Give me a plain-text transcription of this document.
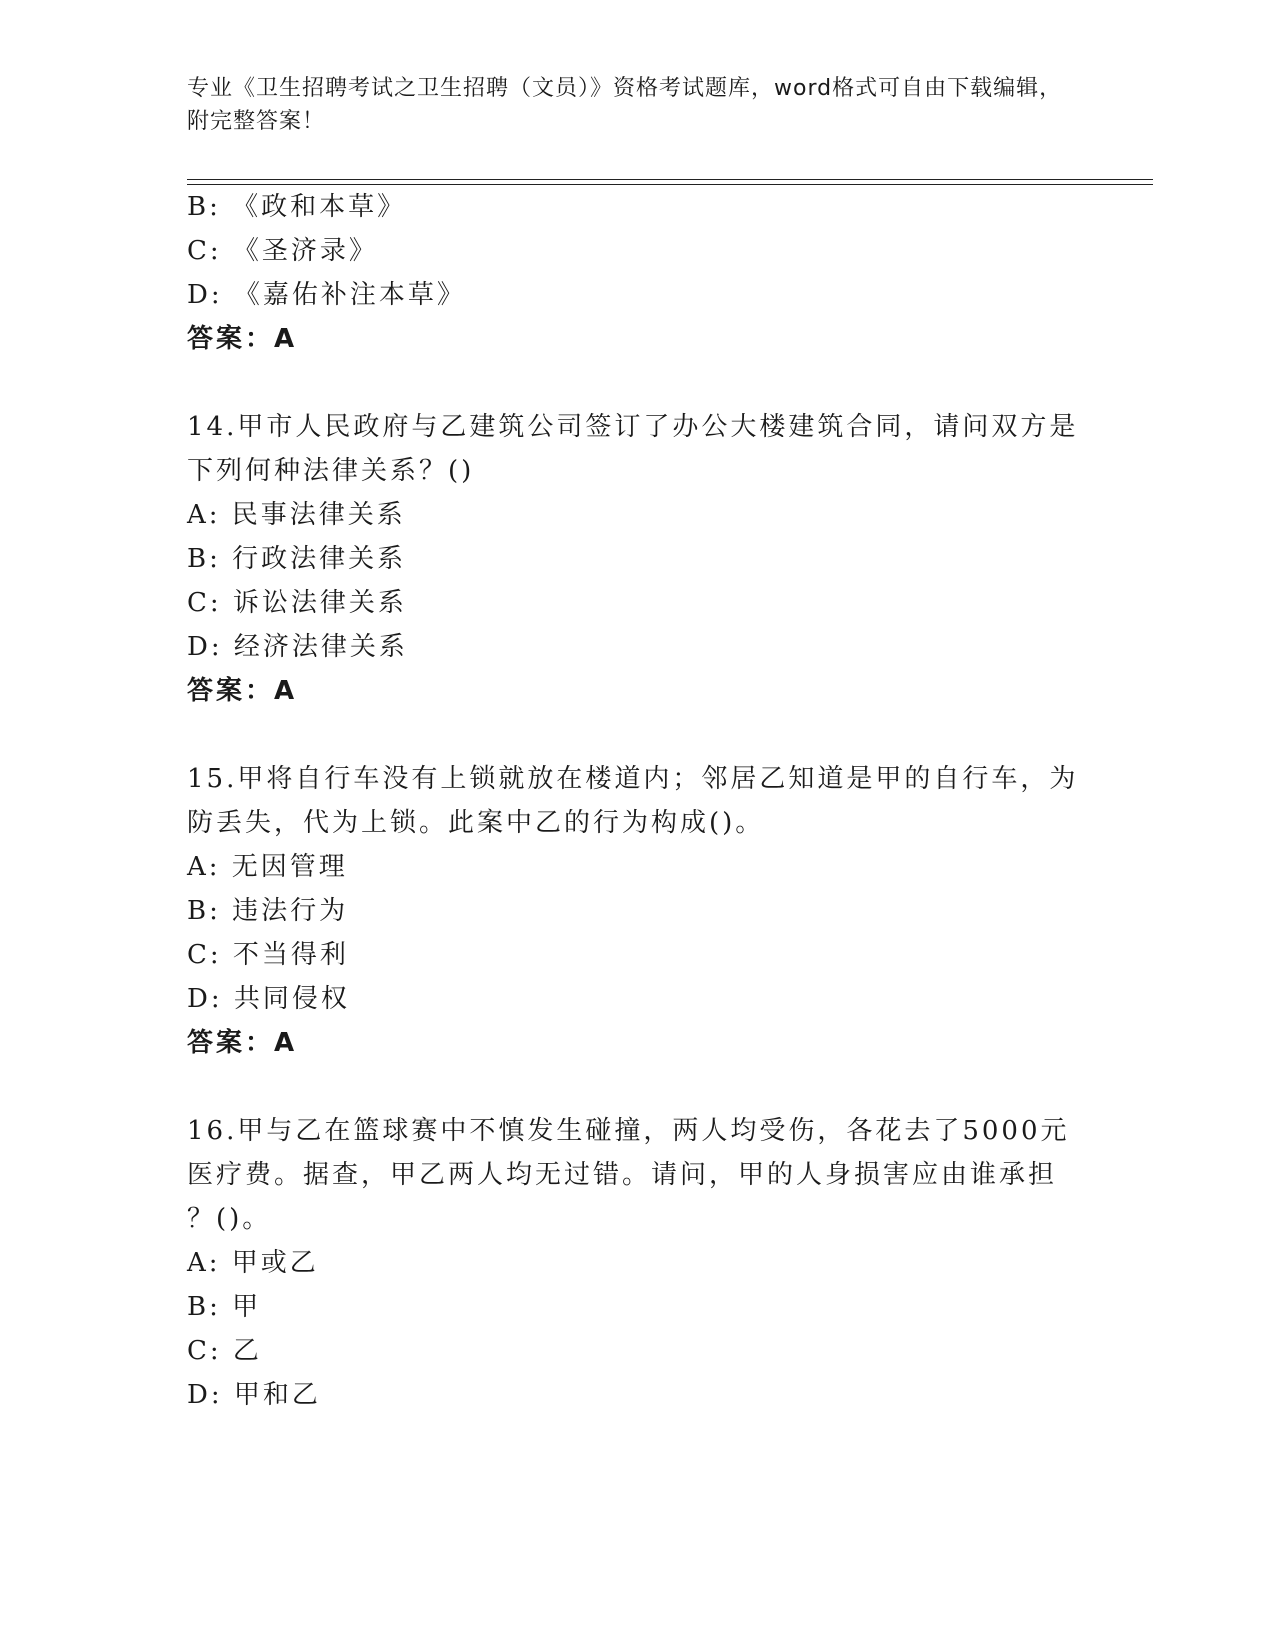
专业《卫生招聘考试之卫生招聘（文员）》资格考试题库，word格式可自由下载编辑，附完整答案！
B: 《政和本草》
C: 《圣济录》
D: 《嘉佑补注本草》
答案：A
14.甲市人民政府与乙建筑公司签订了办公大楼建筑合同，请问双方是
下列何种法律关系？()
A: 民事法律关系
B: 行政法律关系
C: 诉讼法律关系
D: 经济法律关系
答案：A
15.甲将自行车没有上锁就放在楼道内；邻居乙知道是甲的自行车，为
防丢失，代为上锁。此案中乙的行为构成()。
A: 无因管理
B: 违法行为
C: 不当得利
D: 共同侵权
答案：A
16.甲与乙在篮球赛中不慎发生碰撞，两人均受伤，各花去了5000元
医疗费。据查，甲乙两人均无过错。请问，甲的人身损害应由谁承担
？()。
A: 甲或乙
B: 甲
C: 乙
D: 甲和乙
